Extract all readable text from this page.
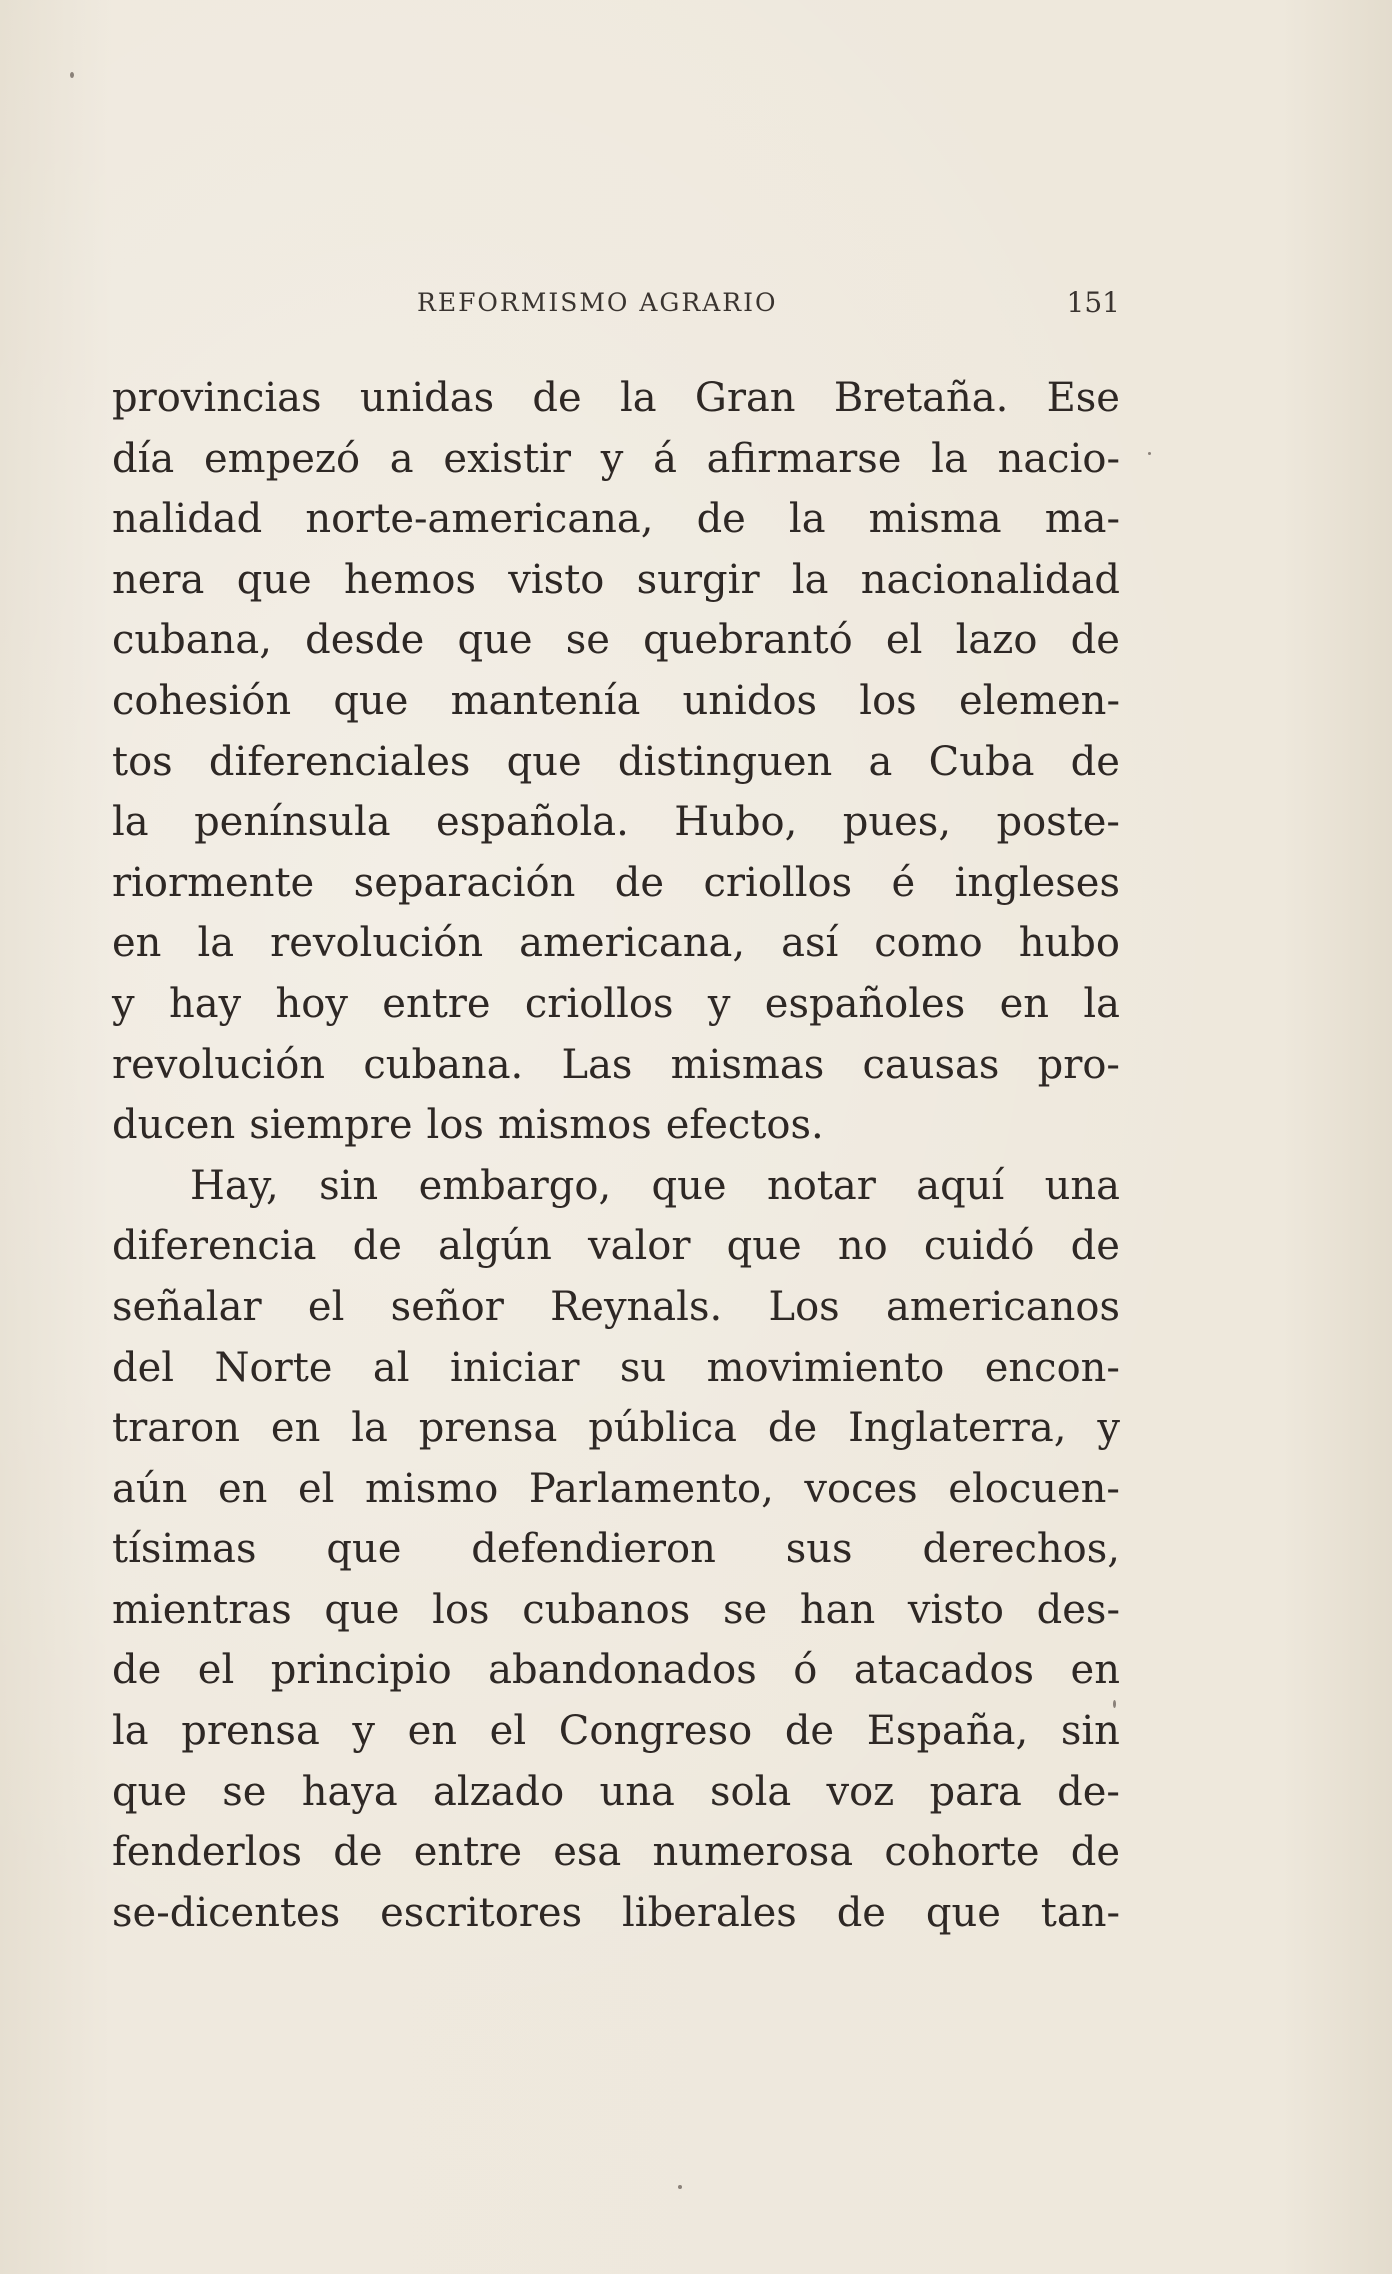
REFORMISMO AGRARIO	151
provincias unidas de la Gran Bretaña. Ese
día empezó a existir y á afirmarse la nacio-
nalidad norte-americana, de la misma ma-
nera que hemos visto surgir la nacionalidad
cubana, desde que se quebrantó el lazo de
cohesión que mantenía unidos los elemen-
tos diferenciales que distinguen a Cuba de
la península española. Hubo, pues, poste-
riormente separación de criollos é ingleses
en la revolución americana, así como hubo
y hay hoy entre criollos y españoles en la
revolución cubana. Las mismas causas pro-
ducen siempre los mismos efectos.
Hay, sin embargo, que notar aquí una
diferencia de algún valor que no cuidó de
señalar el señor Reynals. Los americanos
del Norte al iniciar su movimiento encon-
traron en la prensa pública de Inglaterra, y
aún en el mismo Parlamento, voces elocuen-
tísimas que defendieron sus derechos,
mientras que los cubanos se han visto des-
de el principio abandonados ó atacados en
la prensa y en el Congreso de España, sin
que se haya alzado una sola voz para de-
fenderlos de entre esa numerosa cohorte de
se-dicentes escritores liberales de que tan-
